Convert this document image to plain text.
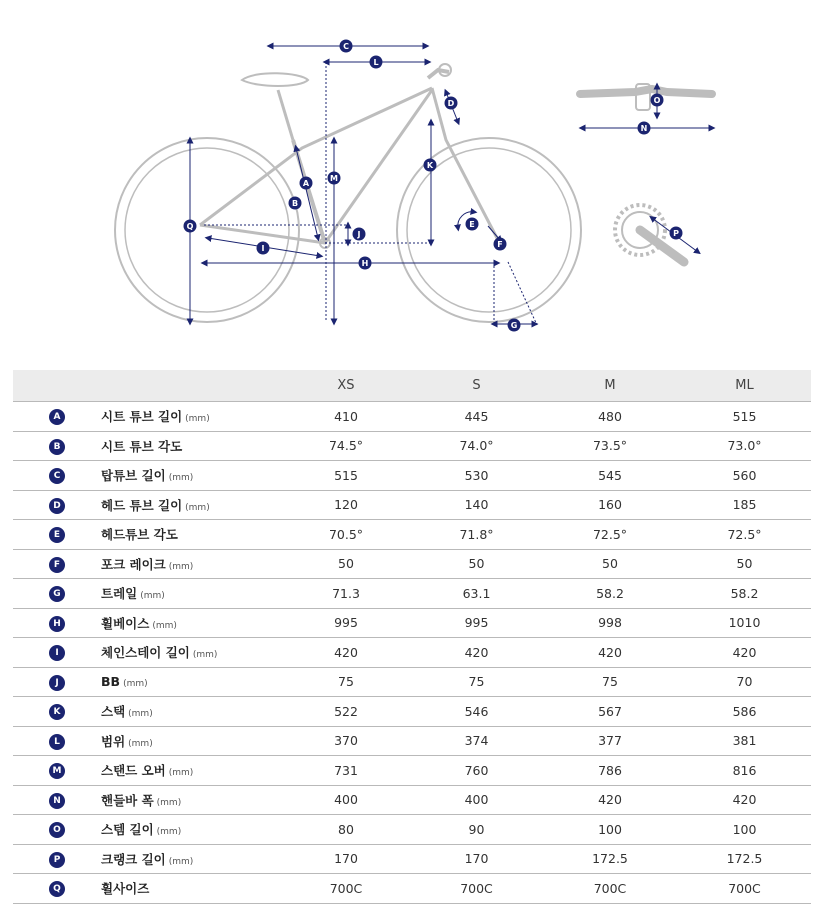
A
B
C
D
E
F
G
H
I
J
K
L
M
N
O
P
Q
		XS	S	M	ML
A	시트 튜브 길이 (mm)	410	445	480	515
B	시트 튜브 각도	74.5°	74.0°	73.5°	73.0°
C	탑튜브 길이 (mm)	515	530	545	560
D	헤드 튜브 길이 (mm)	120	140	160	185
E	헤드튜브 각도	70.5°	71.8°	72.5°	72.5°
F	포크 레이크 (mm)	50	50	50	50
G	트레일 (mm)	71.3	63.1	58.2	58.2
H	휠베이스 (mm)	995	995	998	1010
I	체인스테이 길이 (mm)	420	420	420	420
J	BB (mm)	75	75	75	70
K	스택 (mm)	522	546	567	586
L	범위 (mm)	370	374	377	381
M	스탠드 오버 (mm)	731	760	786	816
N	핸들바 폭 (mm)	400	400	420	420
O	스템 길이 (mm)	80	90	100	100
P	크랭크 길이 (mm)	170	170	172.5	172.5
Q	휠사이즈	700C	700C	700C	700C
